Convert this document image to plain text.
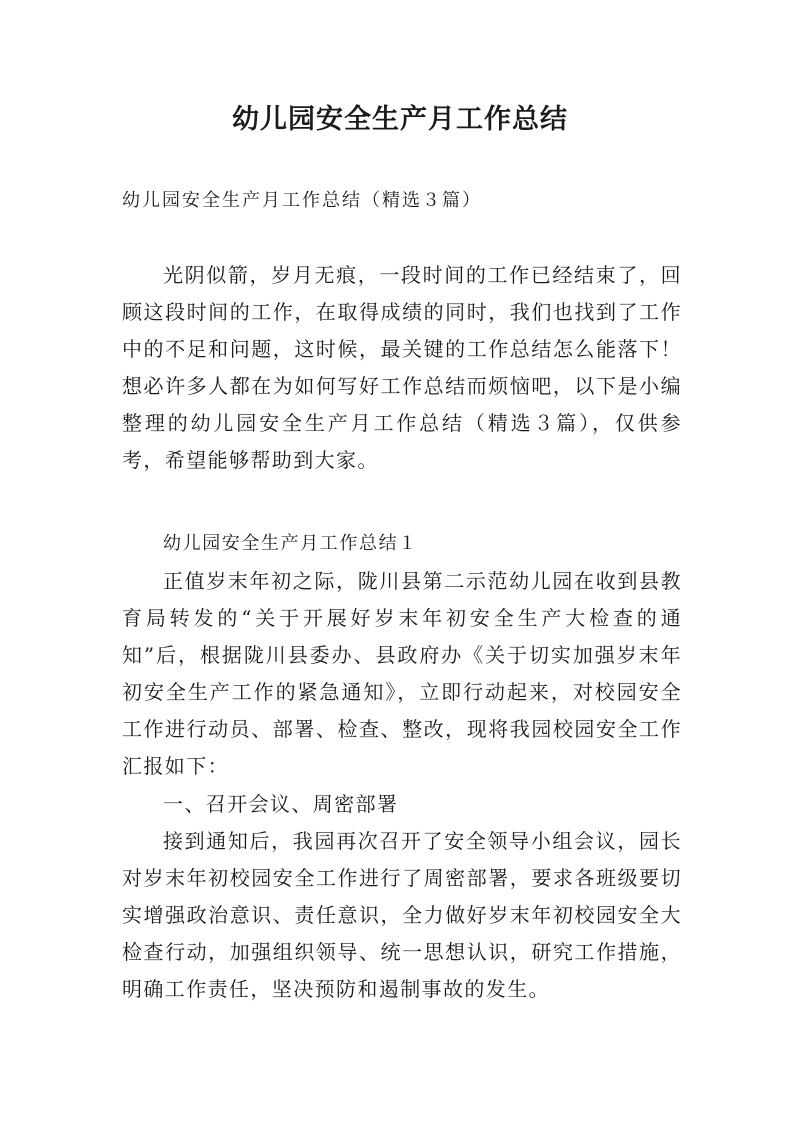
幼儿园安全生产月工作总结
幼儿园安全生产月工作总结（精选３篇）

光阴似箭，岁月无痕，一段时间的工作已经结束了，回顾这段时间的工作，在取得成绩的同时，我们也找到了工作中的不足和问题，这时候，最关键的工作总结怎么能落下！想必许多人都在为如何写好工作总结而烦恼吧，以下是小编整理的幼儿园安全生产月工作总结（精选３篇），仅供参考，希望能够帮助到大家。

幼儿园安全生产月工作总结１

正值岁末年初之际，陇川县第二示范幼儿园在收到县教育局转发的“关于开展好岁末年初安全生产大检查的通知”后，根据陇川县委办、县政府办《关于切实加强岁末年初安全生产工作的紧急通知》，立即行动起来，对校园安全工作进行动员、部署、检查、整改，现将我园校园安全工作汇报如下：

一、召开会议、周密部署

接到通知后，我园再次召开了安全领导小组会议，园长对岁末年初校园安全工作进行了周密部署，要求各班级要切实增强政治意识、责任意识，全力做好岁末年初校园安全大检查行动，加强组织领导、统一思想认识，研究工作措施，明确工作责任，坚决预防和遏制事故的发生。
